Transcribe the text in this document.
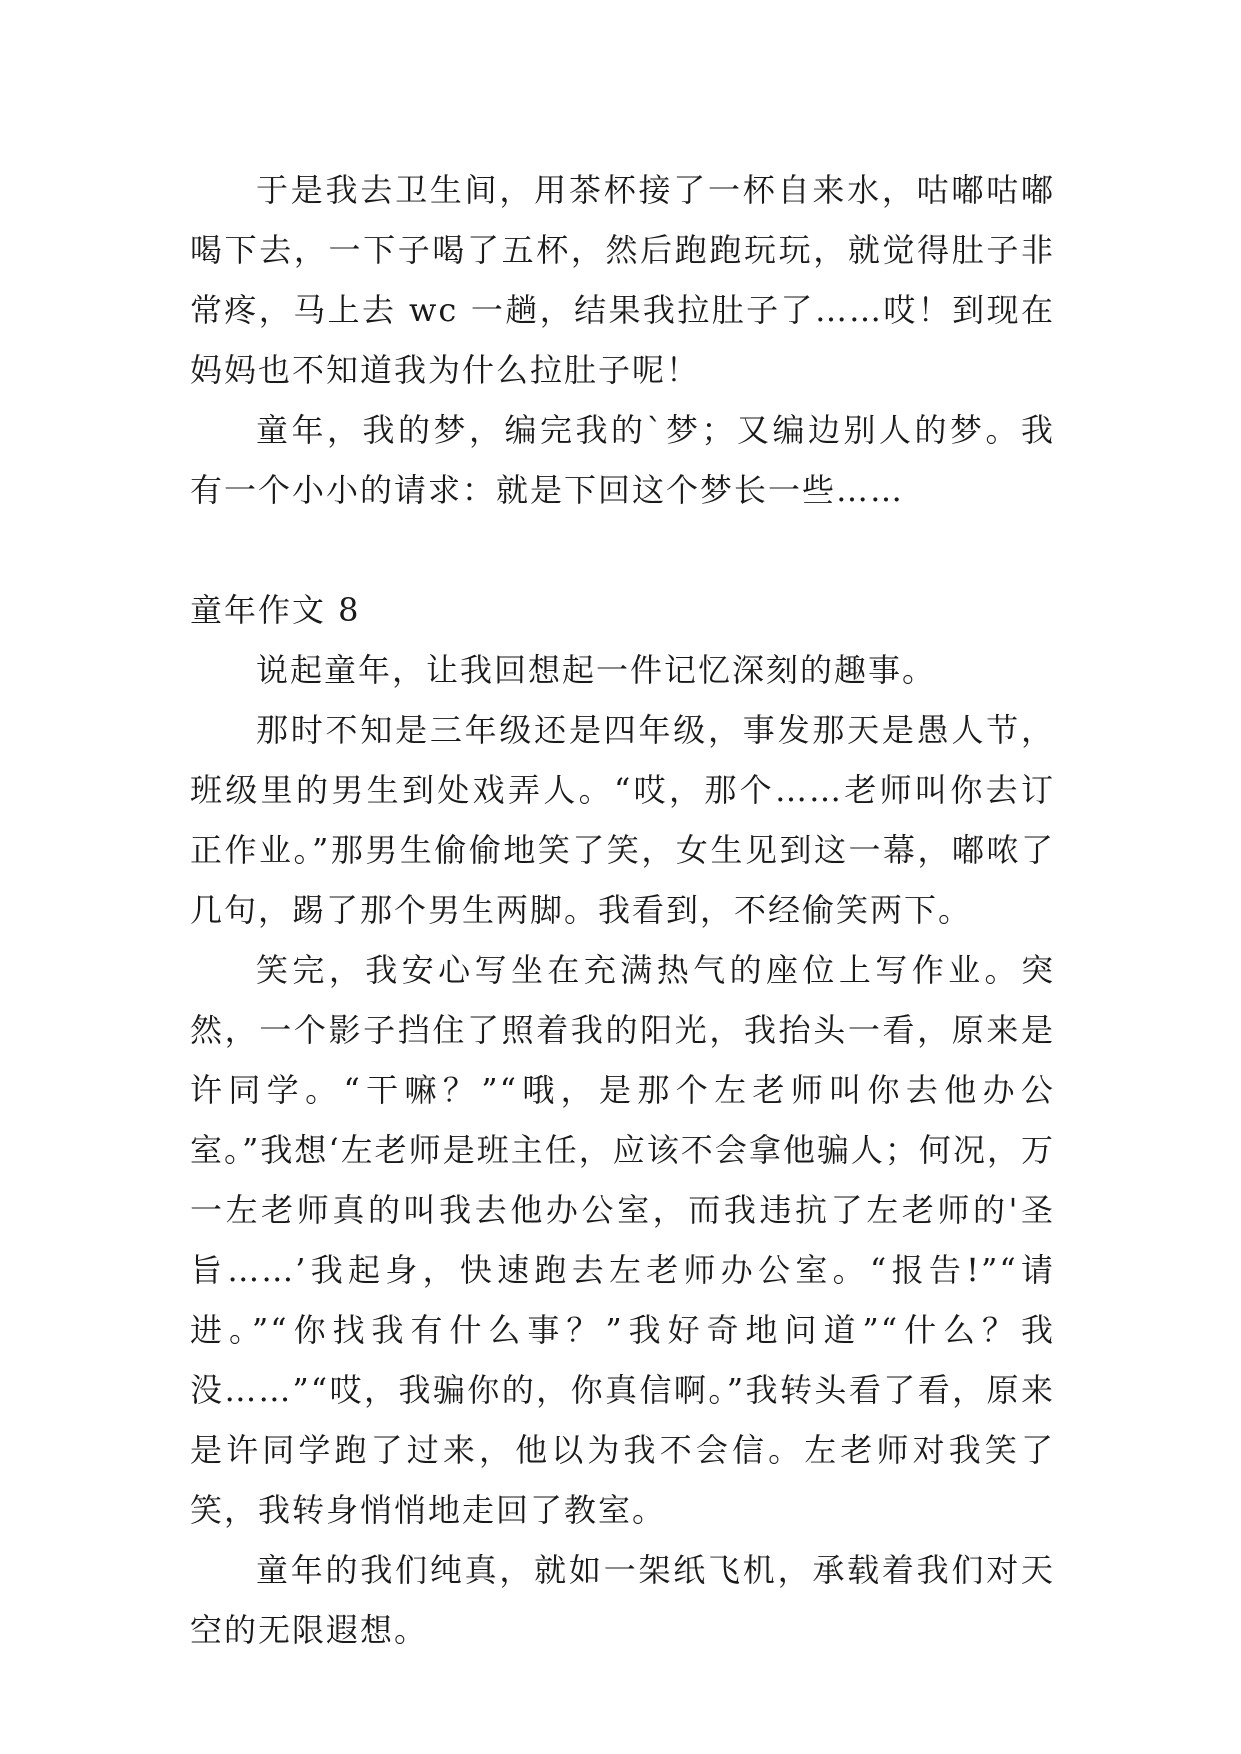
于是我去卫生间，用茶杯接了一杯自来水，咕嘟咕嘟喝下去，一下子喝了五杯，然后跑跑玩玩，就觉得肚子非常疼，马上去 wc 一趟，结果我拉肚子了……哎！到现在妈妈也不知道我为什么拉肚子呢！

童年，我的梦，编完我的`梦；又编边别人的梦。我有一个小小的请求：就是下回这个梦长一些……

童年作文 8

说起童年，让我回想起一件记忆深刻的趣事。

那时不知是三年级还是四年级，事发那天是愚人节，班级里的男生到处戏弄人。“哎，那个……老师叫你去订正作业。”那男生偷偷地笑了笑，女生见到这一幕，嘟哝了几句，踢了那个男生两脚。我看到，不经偷笑两下。

笑完，我安心写坐在充满热气的座位上写作业。突然，一个影子挡住了照着我的阳光，我抬头一看，原来是许同学。“干嘛？”“哦，是那个左老师叫你去他办公室。”我想‘左老师是班主任，应该不会拿他骗人；何况，万一左老师真的叫我去他办公室，而我违抗了左老师的'圣旨……’我起身，快速跑去左老师办公室。“报告!”“请进。”“你找我有什么事？”我好奇地问道”“什么？我没……”“哎，我骗你的，你真信啊。”我转头看了看，原来是许同学跑了过来，他以为我不会信。左老师对我笑了笑，我转身悄悄地走回了教室。

童年的我们纯真，就如一架纸飞机，承载着我们对天空的无限遐想。
